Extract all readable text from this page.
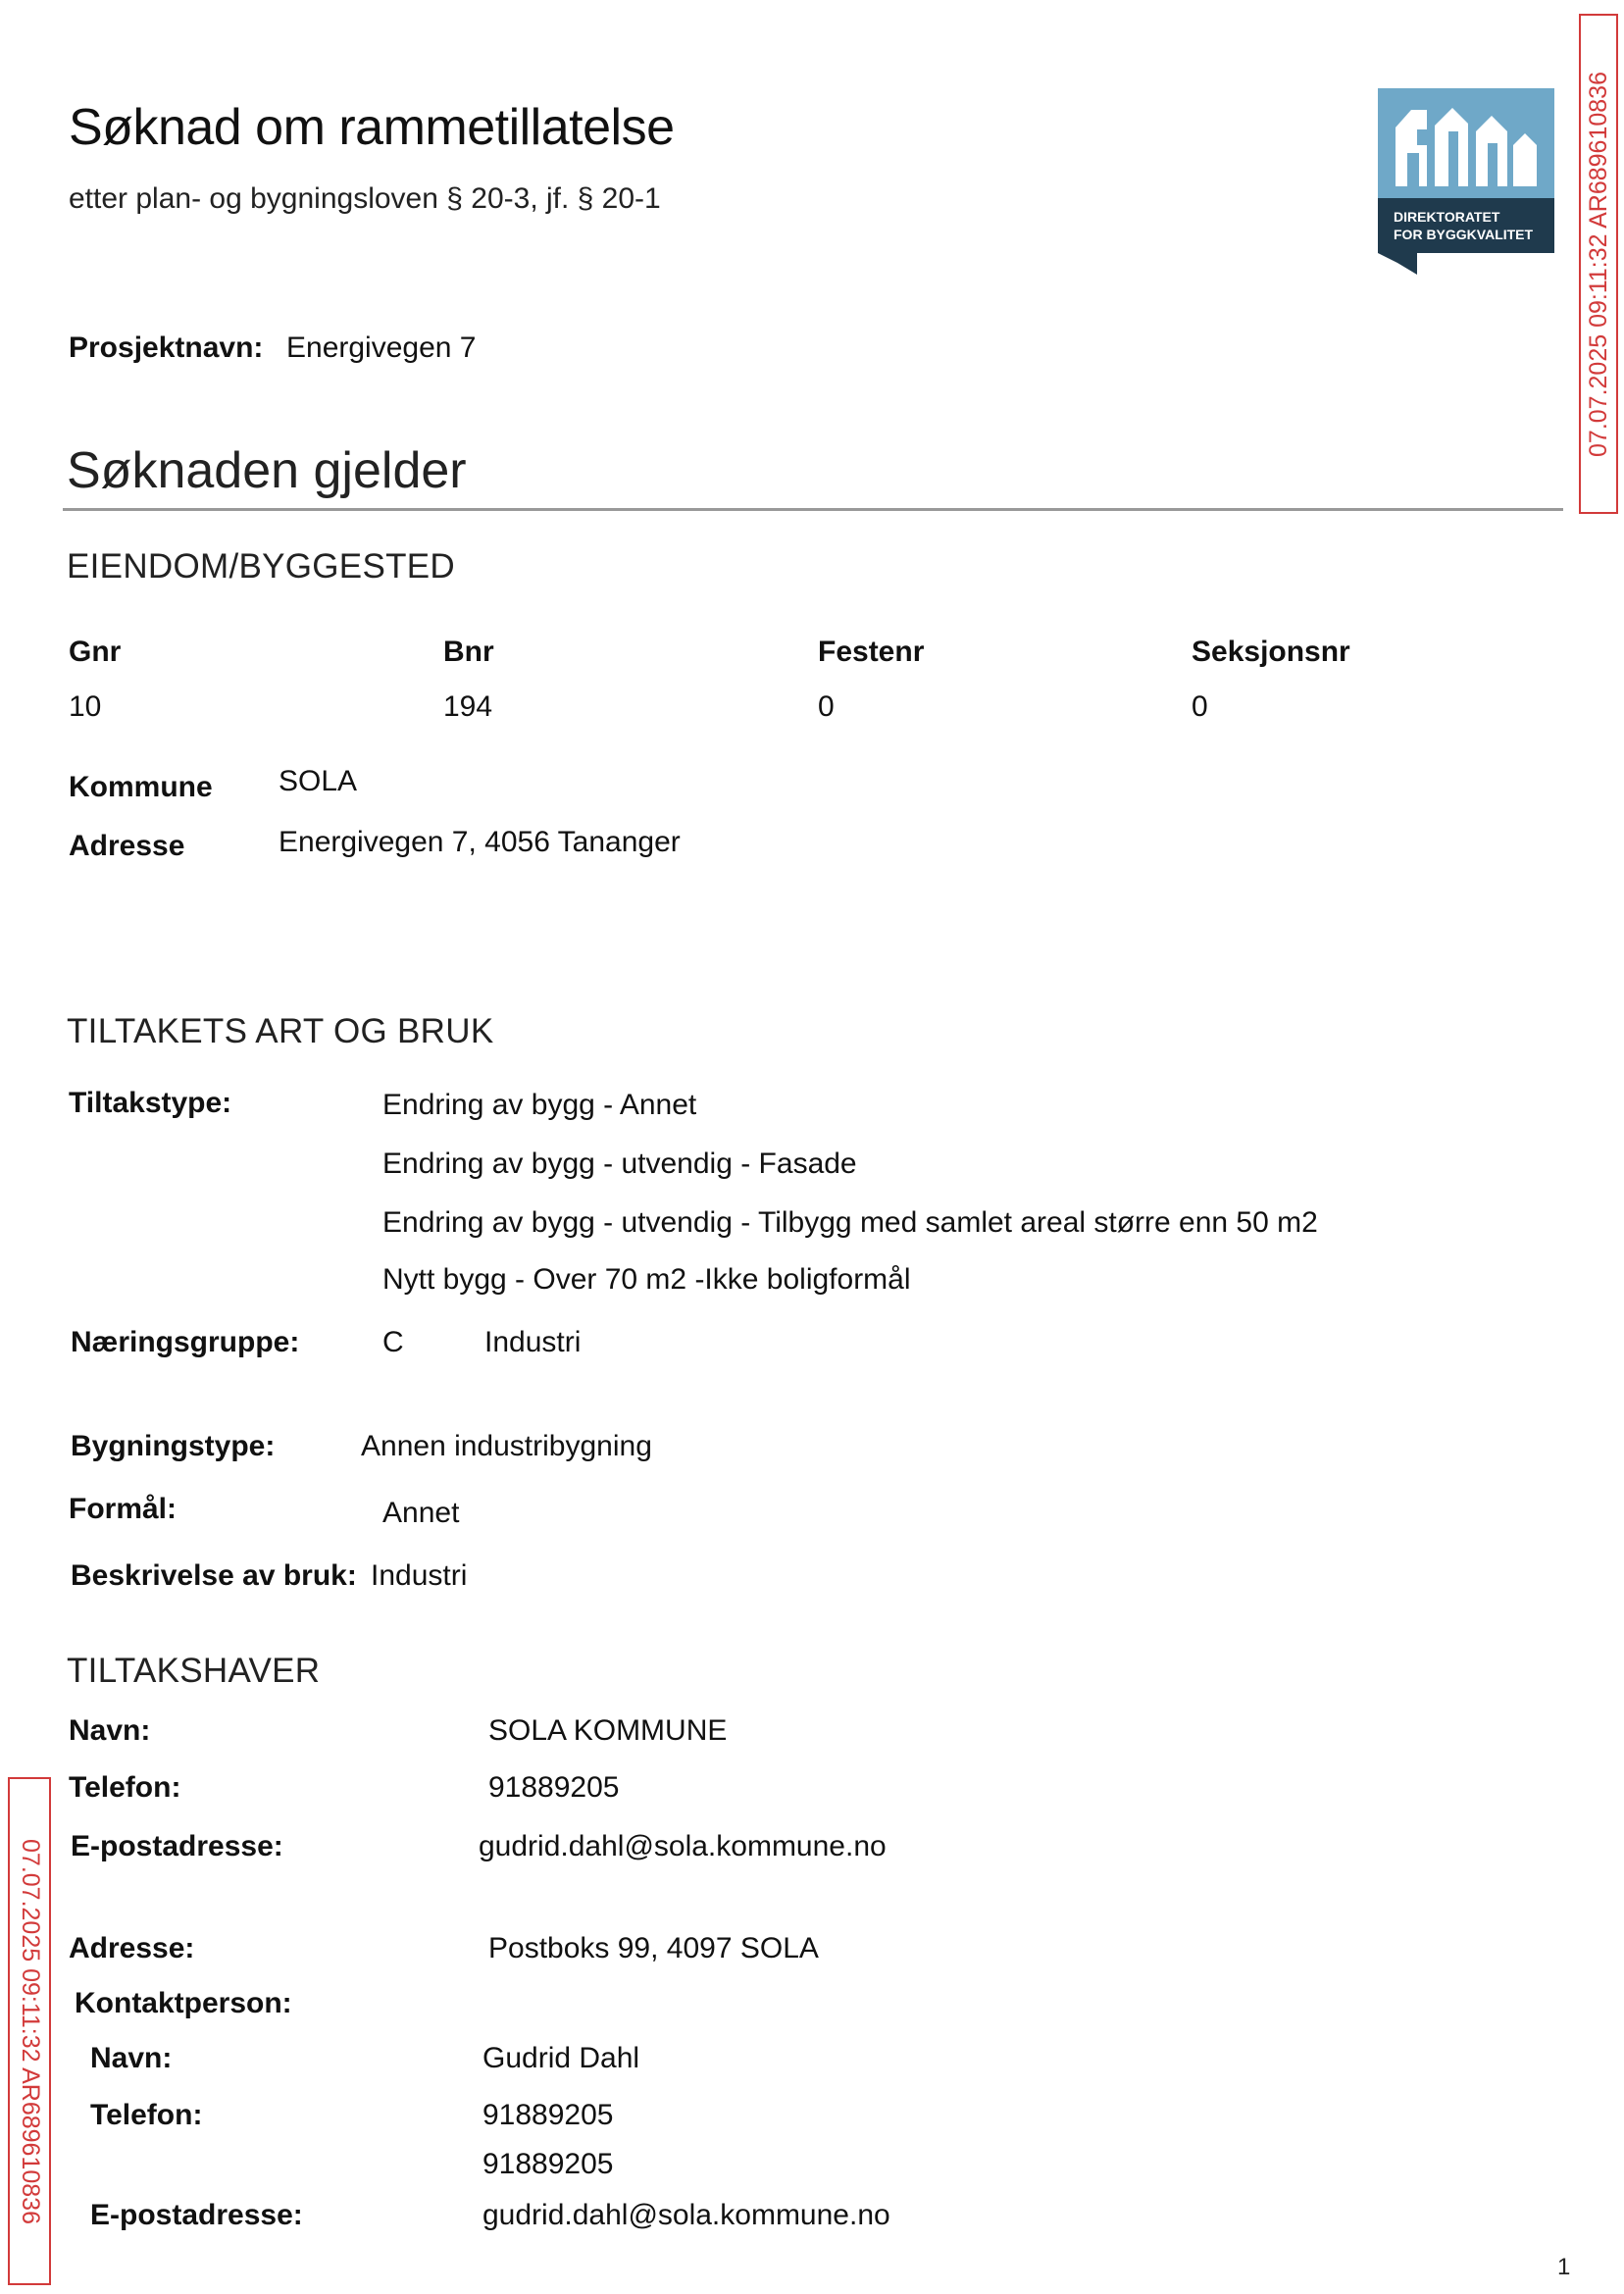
Søknad om rammetillatelse
etter plan- og bygningsloven § 20-3, jf. § 20-1
DIREKTORATET
FOR BYGGKVALITET
Prosjektnavn: Energivegen 7
Søknaden gjelder
EIENDOM/BYGGESTED
Gnr	Bnr	Festenr	Seksjonsnr
10	194	0	0
Kommune SOLA
Adresse	Energivegen 7, 4056 Tananger
TILTAKETS ART OG BRUK
Tiltakstype:	Endring av bygg - Annet
Endring av bygg - utvendig - Fasade
Endring av bygg - utvendig - Tilbygg med samlet areal større enn 50 m2
Nytt bygg - Over 70 m2 -Ikke boligformål
Næringsgruppe:	C	Industri
Bygningstype:	Annen industribygning
Formål:	Annet
Beskrivelse av bruk: Industri
TILTAKSHAVER
Navn:	SOLA KOMMUNE
Telefon:	91889205
E-postadresse:	gudrid.dahl@sola.kommune.no
Adresse:	Postboks 99, 4097 SOLA
Kontaktperson:
Navn:	Gudrid Dahl
Telefon:	91889205
91889205
E-postadresse:	gudrid.dahl@sola.kommune.no
07.07.2025 09:11:32 AR689610836
07.07.2025 09:11:32 AR689610836
1
